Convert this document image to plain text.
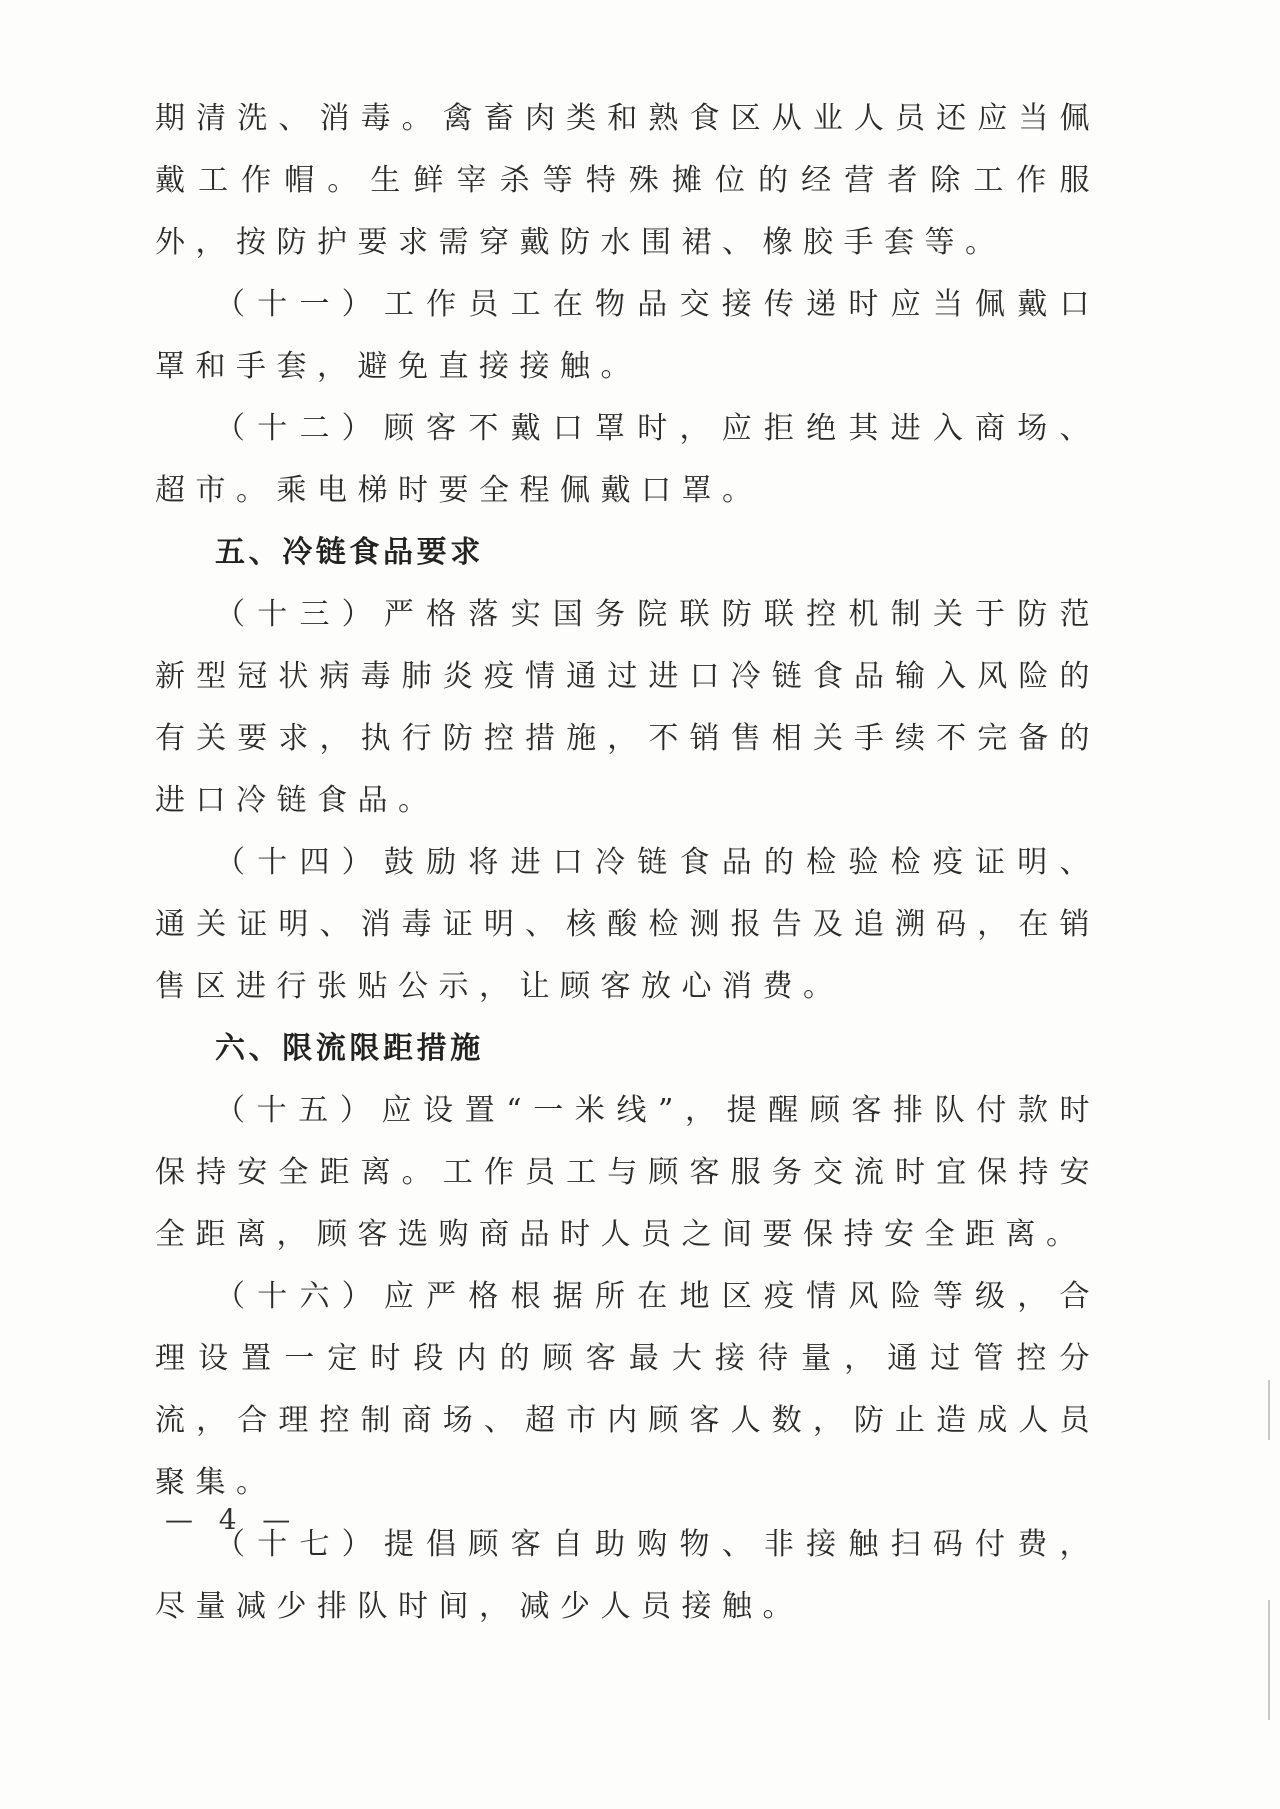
期清洗、消毒。禽畜肉类和熟食区从业人员还应当佩戴工作帽。生鲜宰杀等特殊摊位的经营者除工作服外，按防护要求需穿戴防水围裙、橡胶手套等。

（十一）工作员工在物品交接传递时应当佩戴口罩和手套，避免直接接触。

（十二）顾客不戴口罩时，应拒绝其进入商场、超市。乘电梯时要全程佩戴口罩。

五、冷链食品要求

（十三）严格落实国务院联防联控机制关于防范新型冠状病毒肺炎疫情通过进口冷链食品输入风险的有关要求，执行防控措施，不销售相关手续不完备的进口冷链食品。

（十四）鼓励将进口冷链食品的检验检疫证明、通关证明、消毒证明、核酸检测报告及追溯码，在销售区进行张贴公示，让顾客放心消费。

六、限流限距措施

（十五）应设置“一米线”，提醒顾客排队付款时保持安全距离。工作员工与顾客服务交流时宜保持安全距离，顾客选购商品时人员之间要保持安全距离。

（十六）应严格根据所在地区疫情风险等级，合理设置一定时段内的顾客最大接待量，通过管控分流，合理控制商场、超市内顾客人数，防止造成人员聚集。

（十七）提倡顾客自助购物、非接触扫码付费，尽量减少排队时间，减少人员接触。

— 4 —
